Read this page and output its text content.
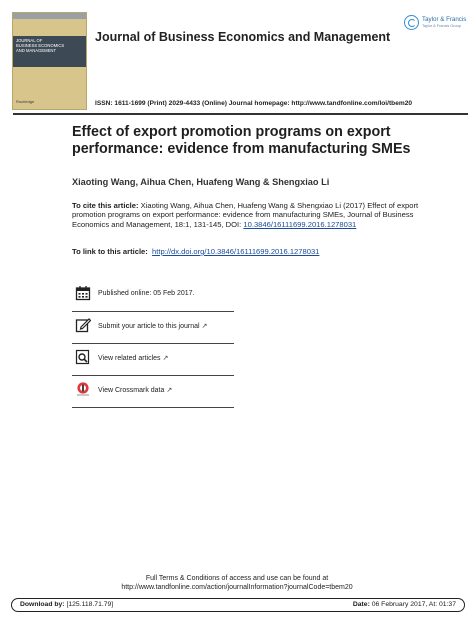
JOURNAL OF
BUSINESS ECONOMICS
AND MANAGEMENT
Routledge
Journal of Business Economics and Management
Taylor & Francis
Taylor & Francis Group
ISSN: 1611-1699 (Print) 2029-4433 (Online) Journal homepage: http://www.tandfonline.com/loi/tbem20
Effect of export promotion programs on export performance: evidence from manufacturing SMEs
Xiaoting Wang, Aihua Chen, Huafeng Wang & Shengxiao Li
To cite this article: Xiaoting Wang, Aihua Chen, Huafeng Wang & Shengxiao Li (2017) Effect of export promotion programs on export performance: evidence from manufacturing SMEs, Journal of Business Economics and Management, 18:1, 131-145, DOI: 10.3846/16111699.2016.1278031
To link to this article: http://dx.doi.org/10.3846/16111699.2016.1278031
Published online: 05 Feb 2017.
Submit your article to this journal ↗
View related articles ↗
View Crossmark data ↗
Full Terms & Conditions of access and use can be found at
http://www.tandfonline.com/action/journalInformation?journalCode=tbem20
Download by: [125.118.71.79]	Date: 06 February 2017, At: 01:37
